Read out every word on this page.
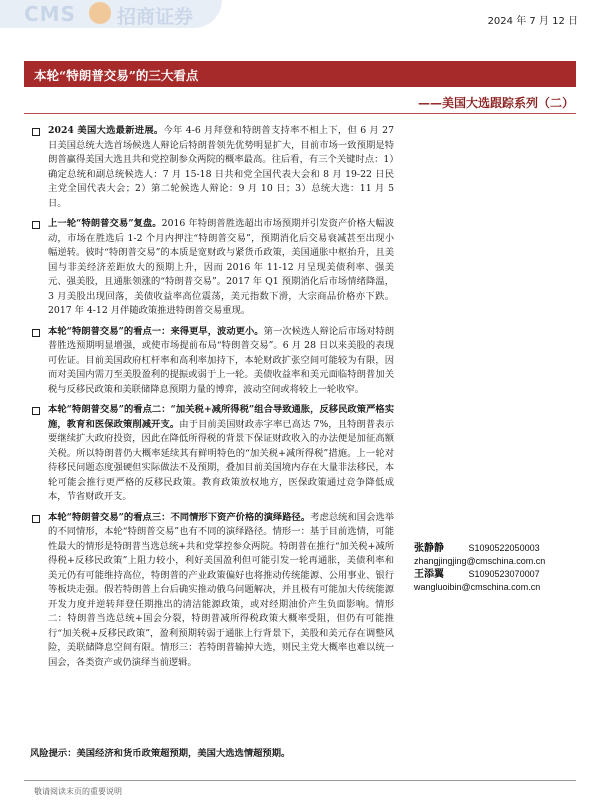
CMS 招商证券	2024 年 7 月 12 日
本轮“特朗普交易”的三大看点
——美国大选跟踪系列（二）
2024 美国大选最新进展。今年 4-6 月拜登和特朗普支持率不相上下，但 6 月 27 日美国总统大选首场候选人辩论后特朗普领先优势明显扩大，目前市场一致预期是特朗普赢得美国大选且共和党控制参众两院的概率最高。往后看，有三个关键时点：1）确定总统和副总统候选人：7 月 15-18 日共和党全国代表大会和 8 月 19-22 日民主党全国代表大会；2）第二轮候选人辩论：9 月 10 日；3）总统大选：11 月 5 日。
上一轮“特朗普交易”复盘。2016 年特朗普胜选超出市场预期并引发资产价格大幅波动，市场在胜选后 1-2 个月内押注“特朗普交易”，预期消化后交易衰减甚至出现小幅逆转。彼时“特朗普交易”的本质是宽财政与紧货币政策，美国通胀中枢抬升，且美国与非美经济差距放大的预期上升，因而 2016 年 11-12 月呈现美债利率、强美元、强美股，且通胀领涨的“特朗普交易”。2017 年 Q1 预期消化后市场情绪降温，3 月美股出现回落，美债收益率高位震荡，美元指数下滑，大宗商品价格亦下跌。2017 年 4-12 月伴随政策推进特朗普交易重现。
本轮“特朗普交易”的看点一：来得更早，波动更小。第一次候选人辩论后市场对特朗普胜选预期明显增强，或使市场提前布局“特朗普交易”。6 月 28 日以来美股的表现可佐证。目前美国政府杠杆率和高利率加持下，本轮财政扩张空间可能较为有限，因而对美国内需刀至美股盈利的提振或弱于上一轮。美债收益率和美元面临特朗普加关税与反移民政策和美联储降息预期力量的博弈，波动空间或将较上一轮收窄。
本轮“特朗普交易”的看点二：“加关税+减所得税”组合导致通胀，反移民政策严格实施，教育和医保政策削减开支。由于目前美国财政赤字率已高达 7%，且特朗普表示要继续扩大政府投资，因此在降低所得税的背景下保证财政收入的办法便是加征高额关税。所以特朗普仍大概率延续其有鲜明特色的“加关税+减所得税”措施。上一轮对待移民问题态度强硬但实际做法不及预期，叠加目前美国境内存在大量非法移民，本轮可能会推行更严格的反移民政策。教育政策放权地方，医保政策通过竞争降低成本，节省财政开支。
本轮“特朗普交易”的看点三：不同情形下资产价格的演绎路径。考虑总统和国会选举的不同情形，本轮“特朗普交易”也有不同的演绎路径。情形一：基于目前选情，可能性最大的情形是特朗普当选总统+共和党掌控参众两院。特朗普在推行“加关税+减所得税+反移民政策”上阻力较小，利好美国盈利但可能引发一轮再通胀，美债利率和美元仍有可能维持高位，特朗普的产业政策偏好也将推动传统能源、公用事业、银行等板块走强。假若特朗普上台后确实推动俄乌问题解决，并且极有可能加大传统能源开发力度并逆转拜登任期推出的清洁能源政策，或对经期油价产生负面影响。情形二：特朗普当选总统+国会分裂，特朗普减所得税政策大概率受阻，但仍有可能推行“加关税+反移民政策”，盈利预期转弱于通胀上行背景下，美股和美元存在调整风险，美联储降息空间有限。情形三：若特朗普输掉大选，则民主党大概率也难以统一国会，各类资产或仍演绎当前逻辑。
张静静	S1090522050003
zhangjingjing@cmschina.com.cn
王添翼	S1090523070007
wangluoibin@cmschina.com.cn
风险提示：美国经济和货币政策超预期，美国大选选情超预期。
敬请阅读末页的重要说明
